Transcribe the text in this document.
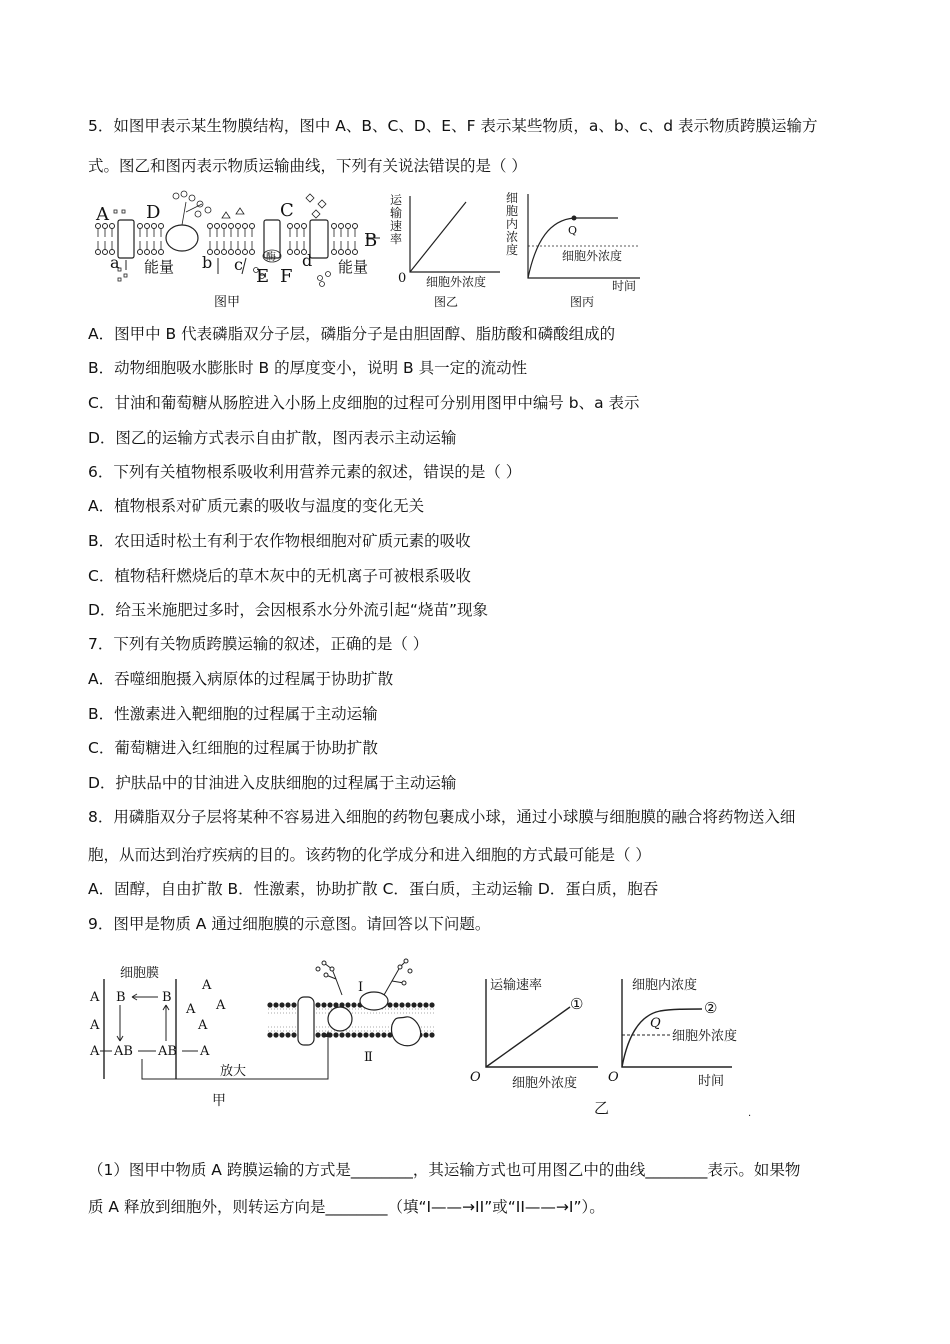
5．如图甲表示某生物膜结构，图中 A、B、C、D、E、F 表示某些物质，a、b、c、d 表示物质跨膜运输方
式。图乙和图丙表示物质运输曲线，下列有关说法错误的是（ ）
A
B
C
D
E F
a	b c	d
能量	能量
酶
图甲
运
输
速
率
0 细胞外浓度
图乙
细
胞
内
浓
度
Q
细胞外浓度
时间
图丙
A．图甲中 B 代表磷脂双分子层，磷脂分子是由胆固醇、脂肪酸和磷酸组成的
B．动物细胞吸水膨胀时 B 的厚度变小，说明 B 具一定的流动性
C．甘油和葡萄糖从肠腔进入小肠上皮细胞的过程可分别用图甲中编号 b、a 表示
D．图乙的运输方式表示自由扩散，图丙表示主动运输
6．下列有关植物根系吸收利用营养元素的叙述，错误的是（ ）
A．植物根系对矿质元素的吸收与温度的变化无关
B．农田适时松土有利于农作物根细胞对矿质元素的吸收
C．植物秸秆燃烧后的草木灰中的无机离子可被根系吸收
D．给玉米施肥过多时，会因根系水分外流引起“烧苗”现象
7．下列有关物质跨膜运输的叙述，正确的是（ ）
A．吞噬细胞摄入病原体的过程属于协助扩散
B．性激素进入靶细胞的过程属于主动运输
C．葡萄糖进入红细胞的过程属于协助扩散
D．护肤品中的甘油进入皮肤细胞的过程属于主动运输
8．用磷脂双分子层将某种不容易进入细胞的药物包裹成小球，通过小球膜与细胞膜的融合将药物送入细
胞，从而达到治疗疾病的目的。该药物的化学成分和进入细胞的方式最可能是（ ）
A．固醇，自由扩散 B．性激素，协助扩散 C．蛋白质，主动运输 D．蛋白质，胞吞
9．图甲是物质 A 通过细胞膜的示意图。请回答以下问题。
细胞膜
A
A
A
B	B
AB AB
A
A A
A
A
放大
甲
I
Ⅱ
运输速率
①
O 细胞外浓度
细胞内浓度
②
Q
细胞外浓度
O	时间
乙	.
（1）图甲中物质 A 跨膜运输的方式是________，其运输方式也可用图乙中的曲线________表示。如果物
质 A 释放到细胞外，则转运方向是________（填“I——→II”或“II——→I”）。
